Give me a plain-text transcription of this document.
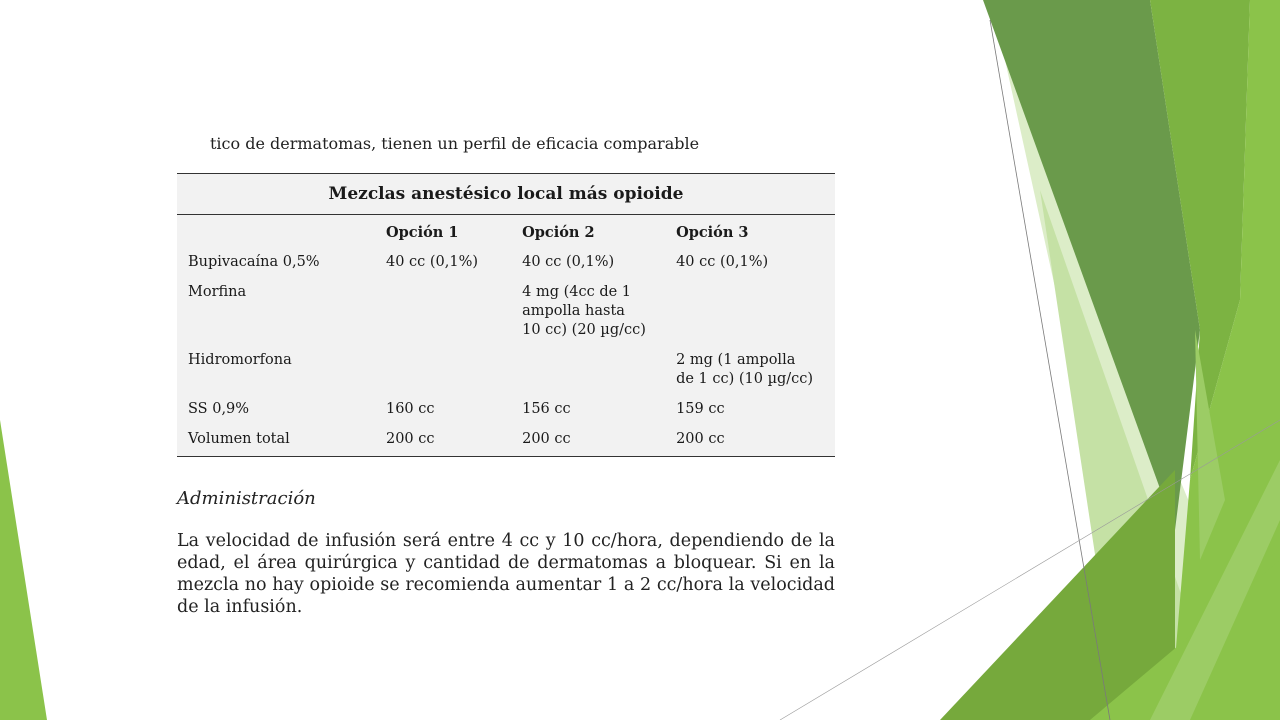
tico de dermatomas, tienen un perfil de eficacia comparable
Mezclas anestésico local más opioide
	Opción 1	Opción 2	Opción 3
Bupivacaína 0,5%	40 cc (0,1%)	40 cc (0,1%)	40 cc (0,1%)
Morfina		4 mg (4cc de 1
ampolla hasta
10 cc) (20 µg/cc)	
Hidromorfona			2 mg (1 ampolla
de 1 cc) (10 µg/cc)
SS 0,9%	160 cc	156 cc	159 cc
Volumen total	200 cc	200 cc	200 cc
Administración
La velocidad de infusión será entre 4 cc y 10 cc/hora, dependiendo de la edad, el área quirúrgica y cantidad de dermatomas a bloquear. Si en la mezcla no hay opioide se recomienda aumentar 1 a 2 cc/hora la velocidad de la infusión.
